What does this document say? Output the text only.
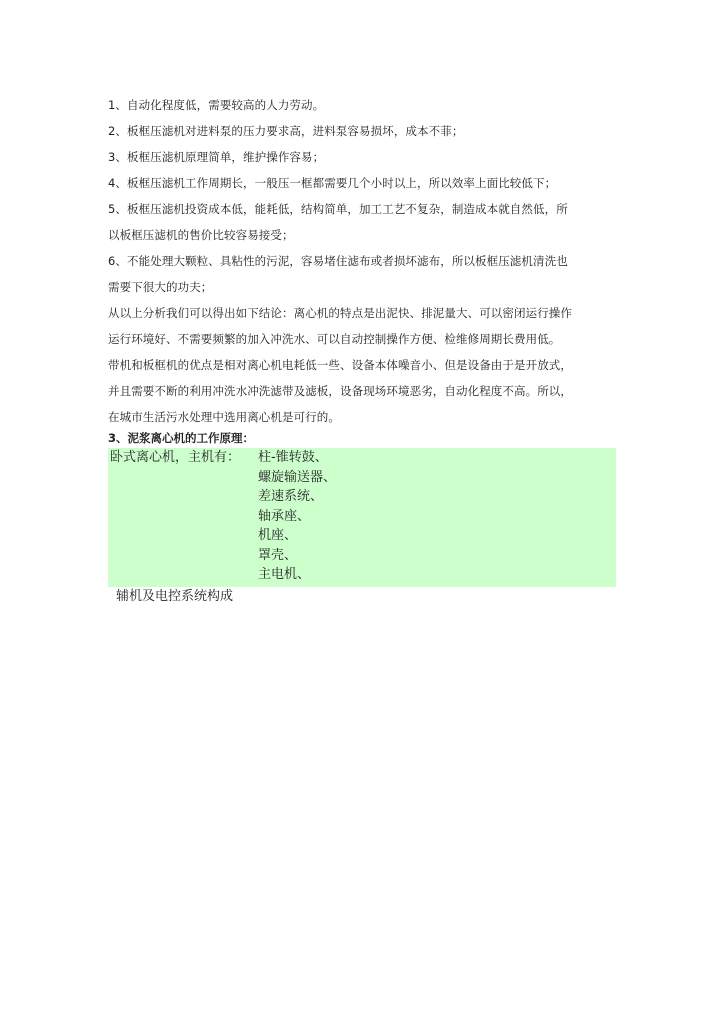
1、自动化程度低，需要较高的人力劳动。
2、板框压滤机对进料泵的压力要求高，进料泵容易损坏，成本不菲；
3、板框压滤机原理简单，维护操作容易；
4、板框压滤机工作周期长，一般压一框都需要几个小时以上，所以效率上面比较低下；
5、板框压滤机投资成本低，能耗低，结构简单，加工工艺不复杂，制造成本就自然低，所
以板框压滤机的售价比较容易接受；
6、不能处理大颗粒、具粘性的污泥，容易堵住滤布或者损坏滤布，所以板框压滤机清洗也
需要下很大的功夫；
从以上分析我们可以得出如下结论：离心机的特点是出泥快、排泥量大、可以密闭运行操作
运行环境好、不需要频繁的加入冲洗水、可以自动控制操作方便、检维修周期长费用低。
带机和板框机的优点是相对离心机电耗低一些、设备本体噪音小、但是设备由于是开放式，
并且需要不断的利用冲洗水冲洗滤带及滤板，设备现场环境恶劣，自动化程度不高。所以，
在城市生活污水处理中选用离心机是可行的。
3、泥浆离心机的工作原理：
卧式离心机，主机有： 柱-锥转鼓、
螺旋输送器、
差速系统、
轴承座、
机座、
罩壳、
主电机、
辅机及电控系统构成
